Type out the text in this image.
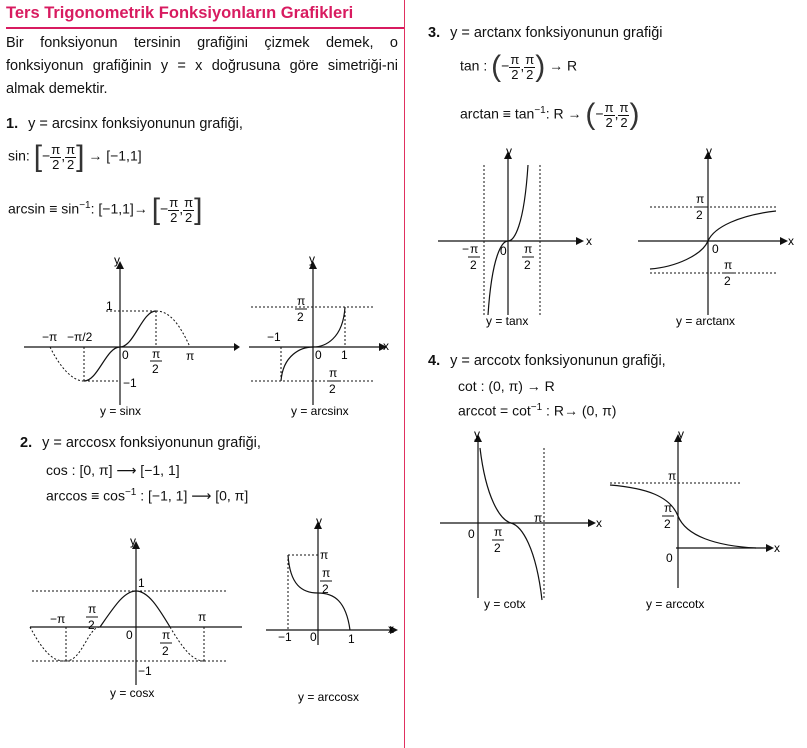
Ters Trigonometrik Fonksiyonların Grafikleri
Bir fonksiyonun tersinin grafiğini çizmek demek, o fonksiyonun grafiğinin y = x doğrusuna göre simetriği-ni almak demektir.
1. y = arcsinx fonksiyonunun grafiği,
sin: [− $\frac{\pi}{2}$ , $\frac{\pi}{2}$ ] → [−1,1]
$\arcsin \equiv \sin^{-1}$: [−1,1]→ [− $\frac{\pi}{2}$ , $\frac{\pi}{2}$ ]
y
1
0
−1
−π −π/2
π
2
π
y = sinx
x
y
−1
0 1
π
2
π
2
y = arcsinx
2. y = arccosx fonksiyonunun grafiği,
cos : [0, π] ⟶ [−1, 1]
$\arccos \equiv \cos^{-1}$ : [−1, 1] ⟶ [0, π]
y
1
0
−1
−π
π
2
π
2
π
y = cosx
x
y
π
π
2
−1 0	1
y = arccosx
3. y = arctanx fonksiyonunun grafiği
tan : (− $\frac{\pi}{2}$ , $\frac{\pi}{2}$ ) → R
$\arctan \equiv \tan^{-1}$: R → (− $\frac{\pi}{2}$ , $\frac{\pi}{2}$ )
x
y
− π
2
0 π
2
y = tanx
x
y
π
2
0
π
2
y = arctanx
4. y = arccotx fonksiyonunun grafiği,
cot : (0, π) → R
$arccot = \cot^{-1}$ : R→ (0, π)
x
y
0 π
2
π
y = cotx
x
y
π
π
2
0
y = arccotx
